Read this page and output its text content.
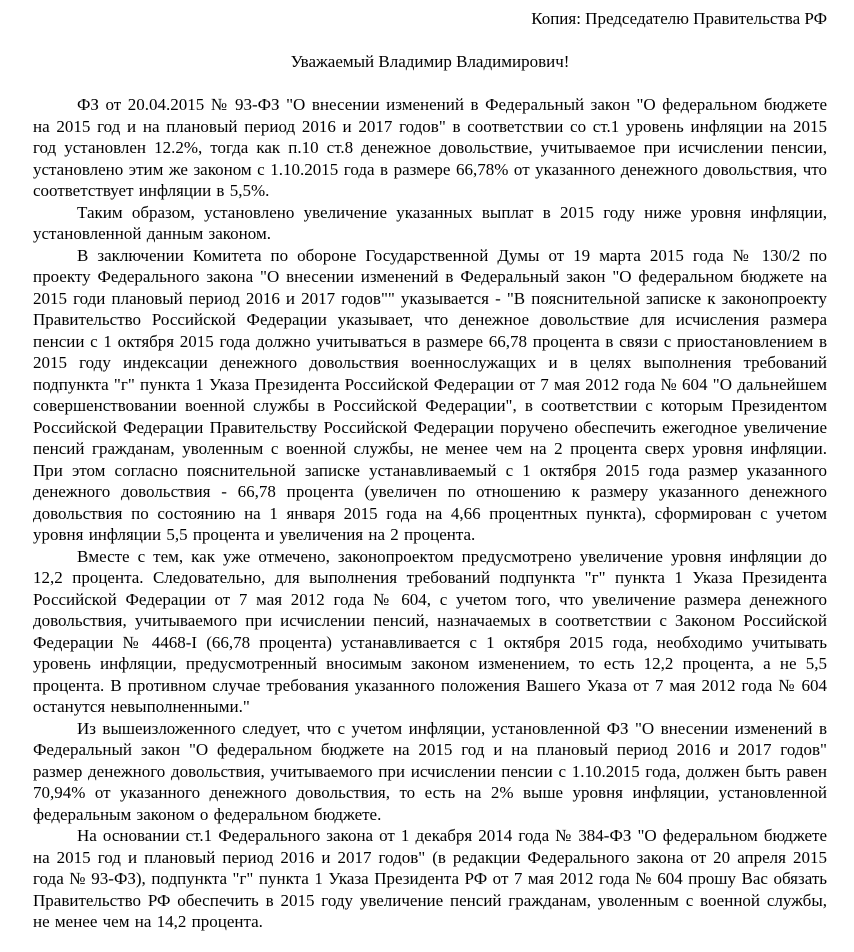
Копия: Председателю Правительства РФ
Уважаемый Владимир Владимирович!

ФЗ от 20.04.2015 № 93-ФЗ "О внесении изменений в Федеральный закон "О федеральном бюджете на 2015 год и на плановый период 2016 и 2017 годов" в соответствии со ст.1 уровень инфляции на 2015 год установлен 12.2%, тогда как п.10 ст.8 денежное довольствие, учитываемое при исчислении пенсии, установлено этим же законом с 1.10.2015 года в размере 66,78% от указанного денежного довольствия, что соответствует инфляции в 5,5%.

Таким образом, установлено увеличение указанных выплат в 2015 году ниже уровня инфляции, установленной данным законом.

В заключении Комитета по обороне Государственной Думы от 19 марта 2015 года № 130/2 по проекту Федерального закона "О внесении изменений в Федеральный закон "О федеральном бюджете на 2015 годи плановый период 2016 и 2017 годов"" указывается - "В пояснительной записке к законопроекту Правительство Российской Федерации указывает, что денежное довольствие для исчисления размера пенсии с 1 октября 2015 года должно учитываться в размере 66,78 процента в связи с приостановлением в 2015 году индексации денежного довольствия военнослужащих и в целях выполнения требований подпункта "г" пункта 1 Указа Президента Российской Федерации от 7 мая 2012 года № 604 "О дальнейшем совершенствовании военной службы в Российской Федерации", в соответствии с которым Президентом Российской Федерации Правительству Российской Федерации поручено обеспечить ежегодное увеличение пенсий гражданам, уволенным с военной службы, не менее чем на 2 процента сверх уровня инфляции. При этом согласно пояснительной записке устанавливаемый с 1 октября 2015 года размер указанного денежного довольствия - 66,78 процента (увеличен по отношению к размеру указанного денежного довольствия по состоянию на 1 января 2015 года на 4,66 процентных пункта), сформирован с учетом уровня инфляции 5,5 процента и увеличения на 2 процента.

Вместе с тем, как уже отмечено, законопроектом предусмотрено увеличение уровня инфляции до 12,2 процента. Следовательно, для выполнения требований подпункта "г" пункта 1 Указа Президента Российской Федерации от 7 мая 2012 года № 604, с учетом того, что увеличение размера денежного довольствия, учитываемого при исчислении пенсий, назначаемых в соответствии с Законом Российской Федерации № 4468-I (66,78 процента) устанавливается с 1 октября 2015 года, необходимо учитывать уровень инфляции, предусмотренный вносимым законом изменением, то есть 12,2 процента, а не 5,5 процента. В противном случае требования указанного положения Вашего Указа от 7 мая 2012 года № 604 останутся невыполненными."

Из вышеизложенного следует, что с учетом инфляции, установленной ФЗ "О внесении изменений в Федеральный закон "О федеральном бюджете на 2015 год и на плановый период 2016 и 2017 годов" размер денежного довольствия, учитываемого при исчислении пенсии с 1.10.2015 года, должен быть равен 70,94% от указанного денежного довольствия, то есть на 2% выше уровня инфляции, установленной федеральным законом о федеральном бюджете.

На основании ст.1 Федерального закона от 1 декабря 2014 года № 384-ФЗ "О федеральном бюджете на 2015 год и плановый период 2016 и 2017 годов" (в редакции Федерального закона от 20 апреля 2015 года № 93-ФЗ), подпункта "г" пункта 1 Указа Президента РФ от 7 мая 2012 года № 604 прошу Вас обязать Правительство РФ обеспечить в 2015 году увеличение пенсий гражданам, уволенным с военной службы, не менее чем на 14,2 процента.
